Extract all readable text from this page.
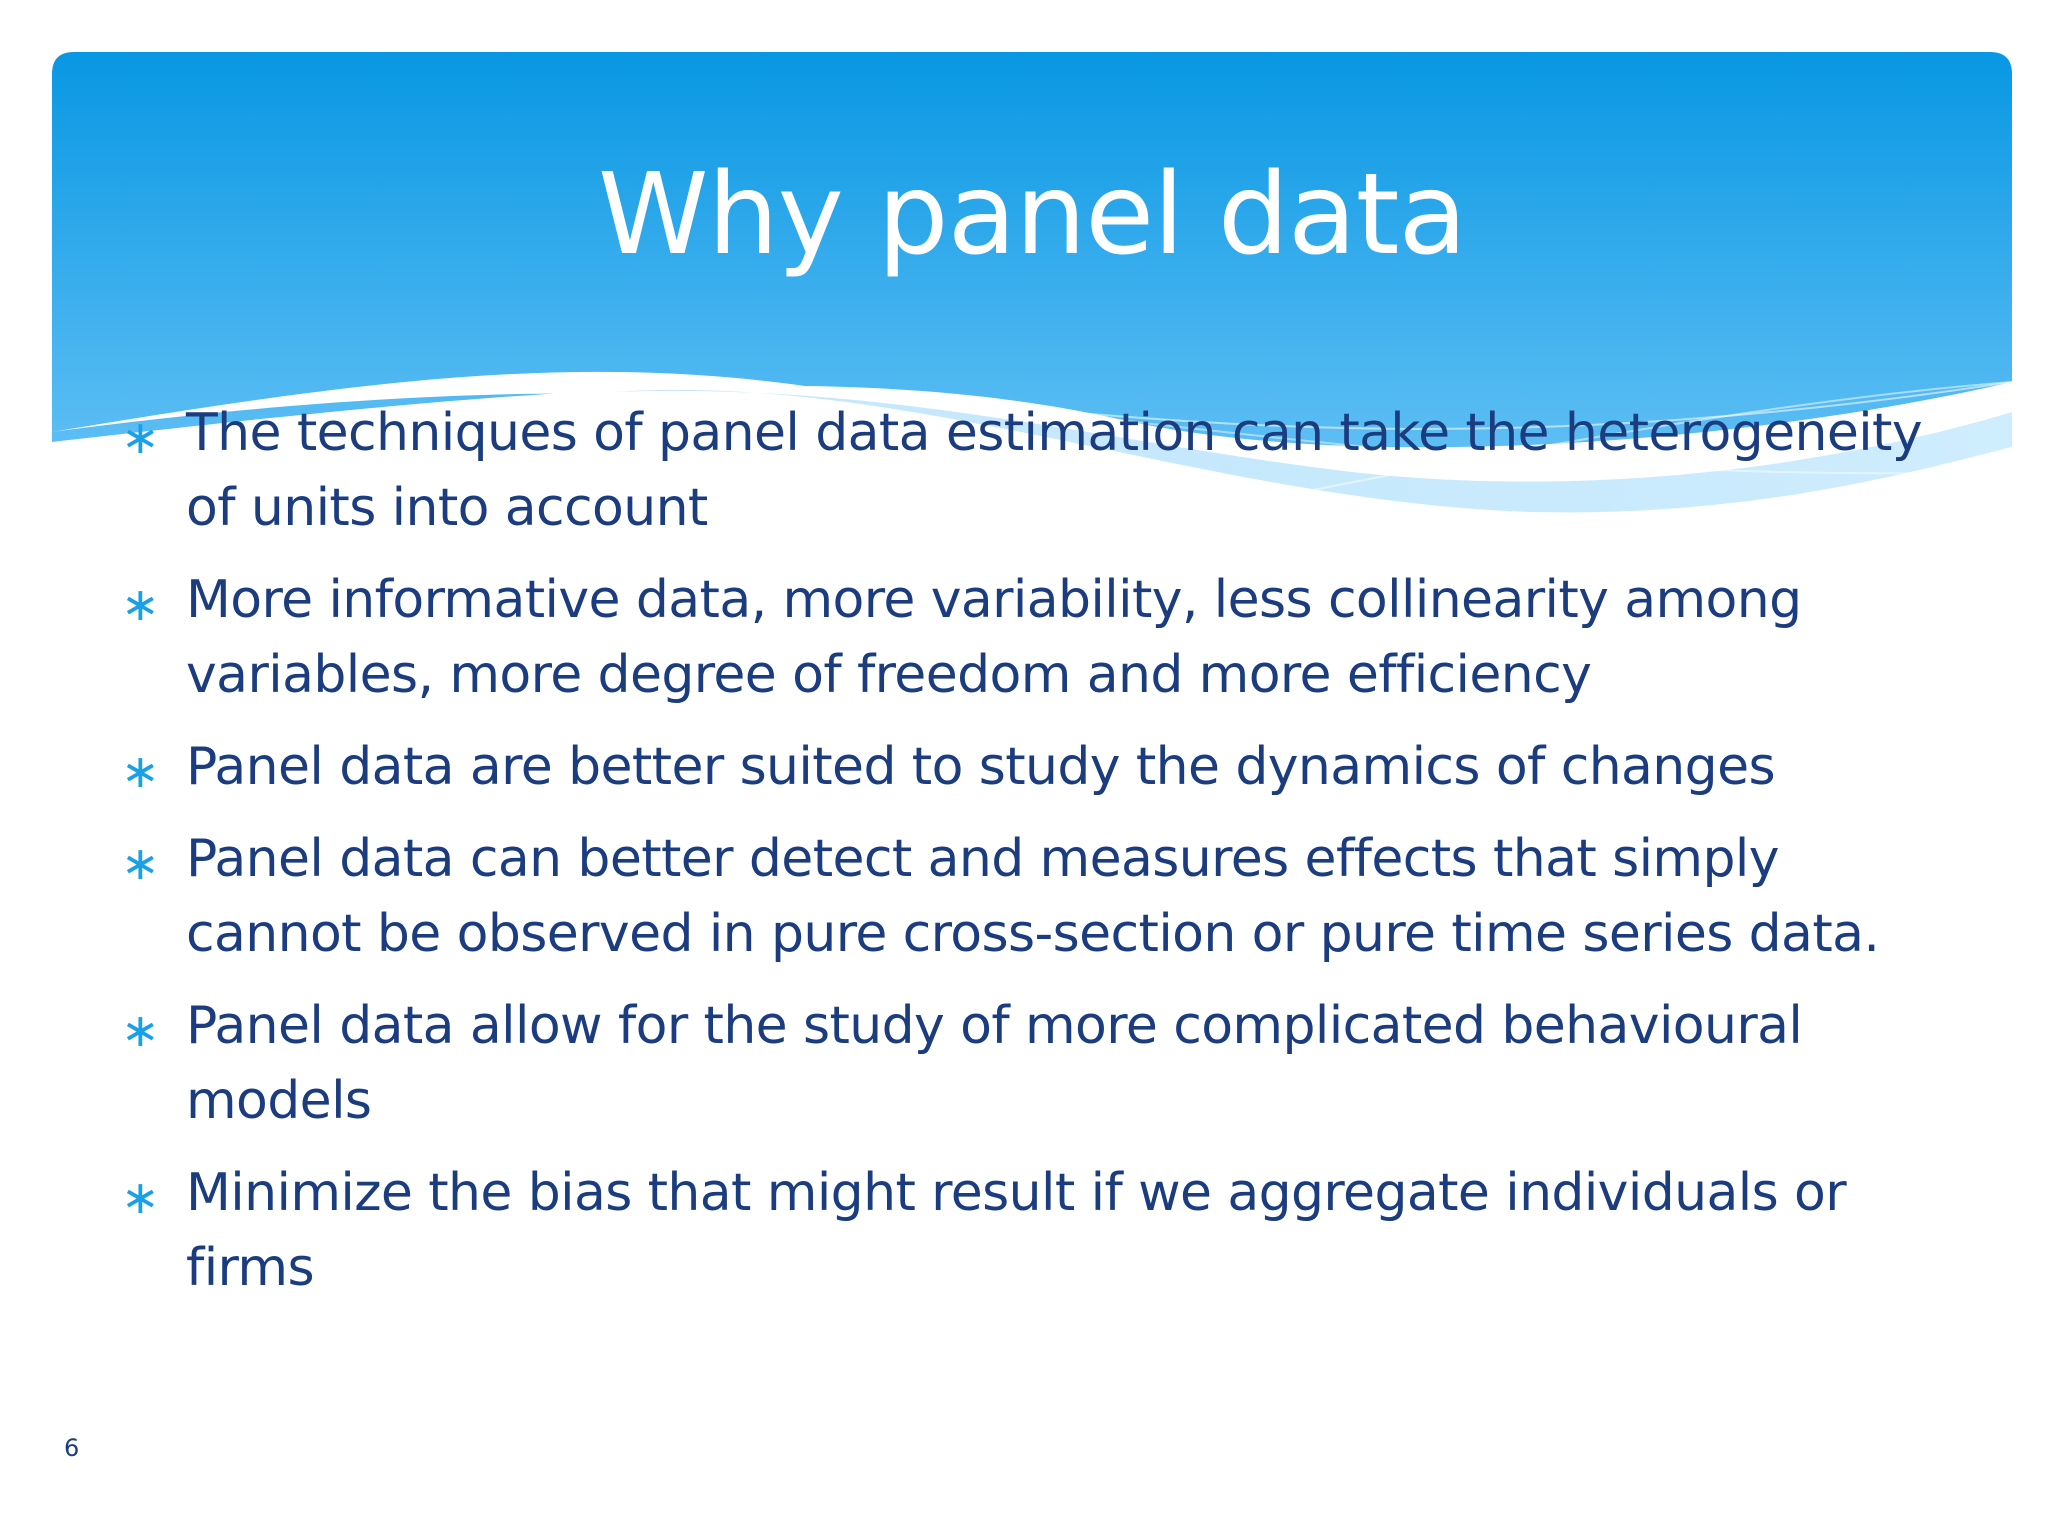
Why panel data
∗ The techniques of panel data estimation can take the heterogeneity of units into account
∗ More informative data, more variability, less collinearity among variables, more degree of freedom and more efficiency
∗ Panel data are better suited to study the dynamics of changes
∗ Panel data can better detect and measures effects that simply cannot be observed in pure cross-section or pure time series data.
∗ Panel data allow for the study of more complicated behavioural models
∗ Minimize the bias that might result if we aggregate individuals or firms
6
